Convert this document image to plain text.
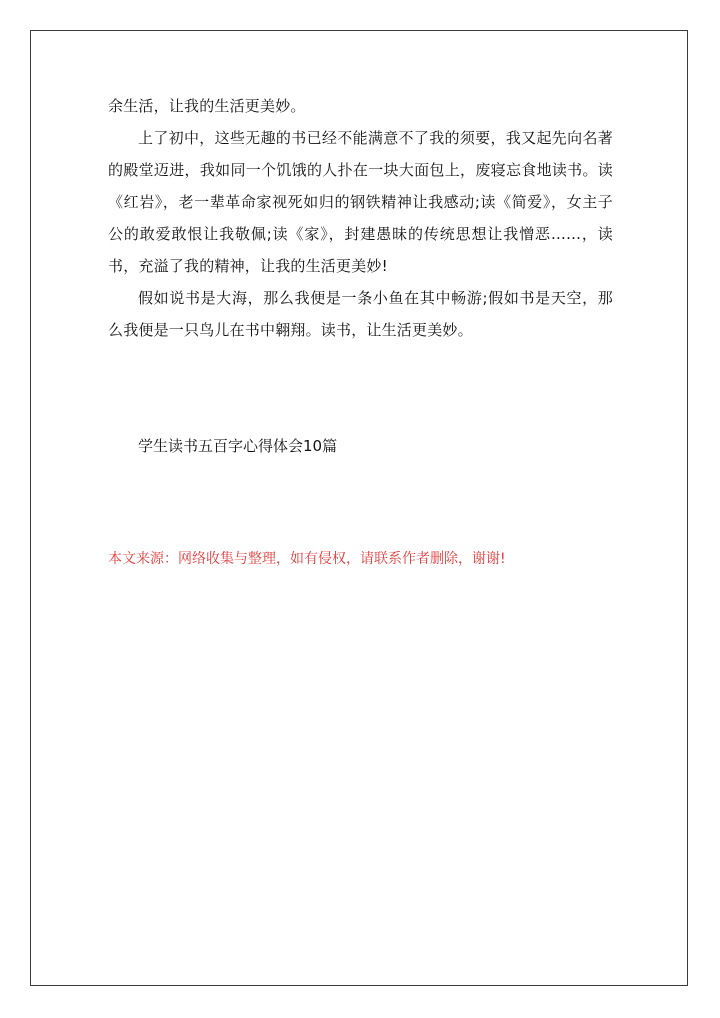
余生活，让我的生活更美妙。

上了初中，这些无趣的书已经不能满意不了我的须要，我又起先向名著的殿堂迈进，我如同一个饥饿的人扑在一块大面包上，废寝忘食地读书。读《红岩》，老一辈革命家视死如归的钢铁精神让我感动;读《简爱》，女主子公的敢爱敢恨让我敬佩;读《家》，封建愚昧的传统思想让我憎恶……，读书，充溢了我的精神，让我的生活更美妙!

假如说书是大海，那么我便是一条小鱼在其中畅游;假如书是天空，那么我便是一只鸟儿在书中翱翔。读书，让生活更美妙。

学生读书五百字心得体会10篇

本文来源：网络收集与整理，如有侵权，请联系作者删除，谢谢!
